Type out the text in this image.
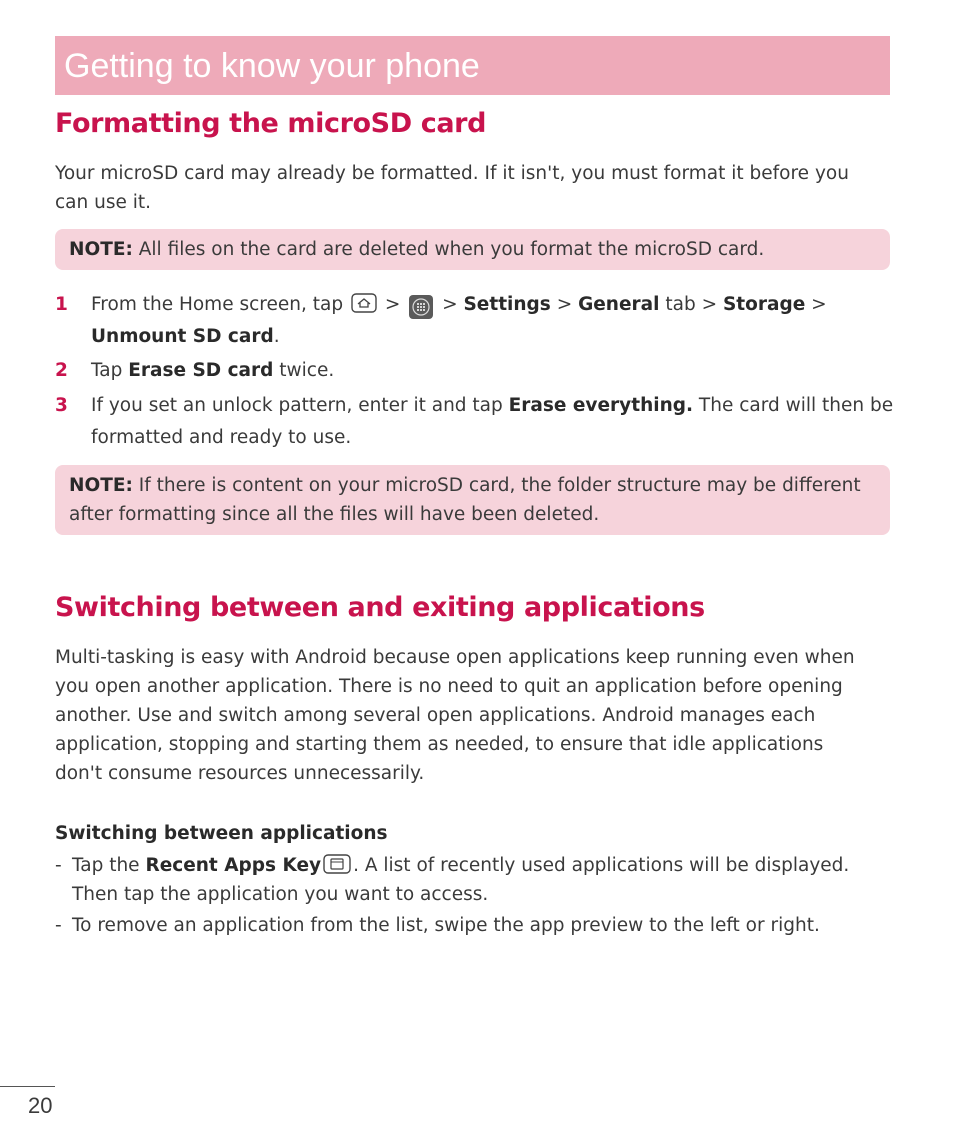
Getting to know your phone
Formatting the microSD card

Your microSD card may already be formatted. If it isn't, you must format it before you can use it.

NOTE: All files on the card are deleted when you format the microSD card.
1	From the Home screen, tap  >  > Settings > General tab > Storage >
Unmount SD card.
2	Tap Erase SD card twice.
3	If you set an unlock pattern, enter it and tap Erase everything. The card will then be formatted and ready to use.
NOTE: If there is content on your microSD card, the folder structure may be different after formatting since all the files will have been deleted.
Switching between and exiting applications

Multi-tasking is easy with Android because open applications keep running even when you open another application. There is no need to quit an application before opening another. Use and switch among several open applications. Android manages each application, stopping and starting them as needed, to ensure that idle applications don't consume resources unnecessarily.

Switching between applications
- Tap the Recent Apps Key . A list of recently used applications will be displayed. Then tap the application you want to access.
- To remove an application from the list, swipe the app preview to the left or right.
20
